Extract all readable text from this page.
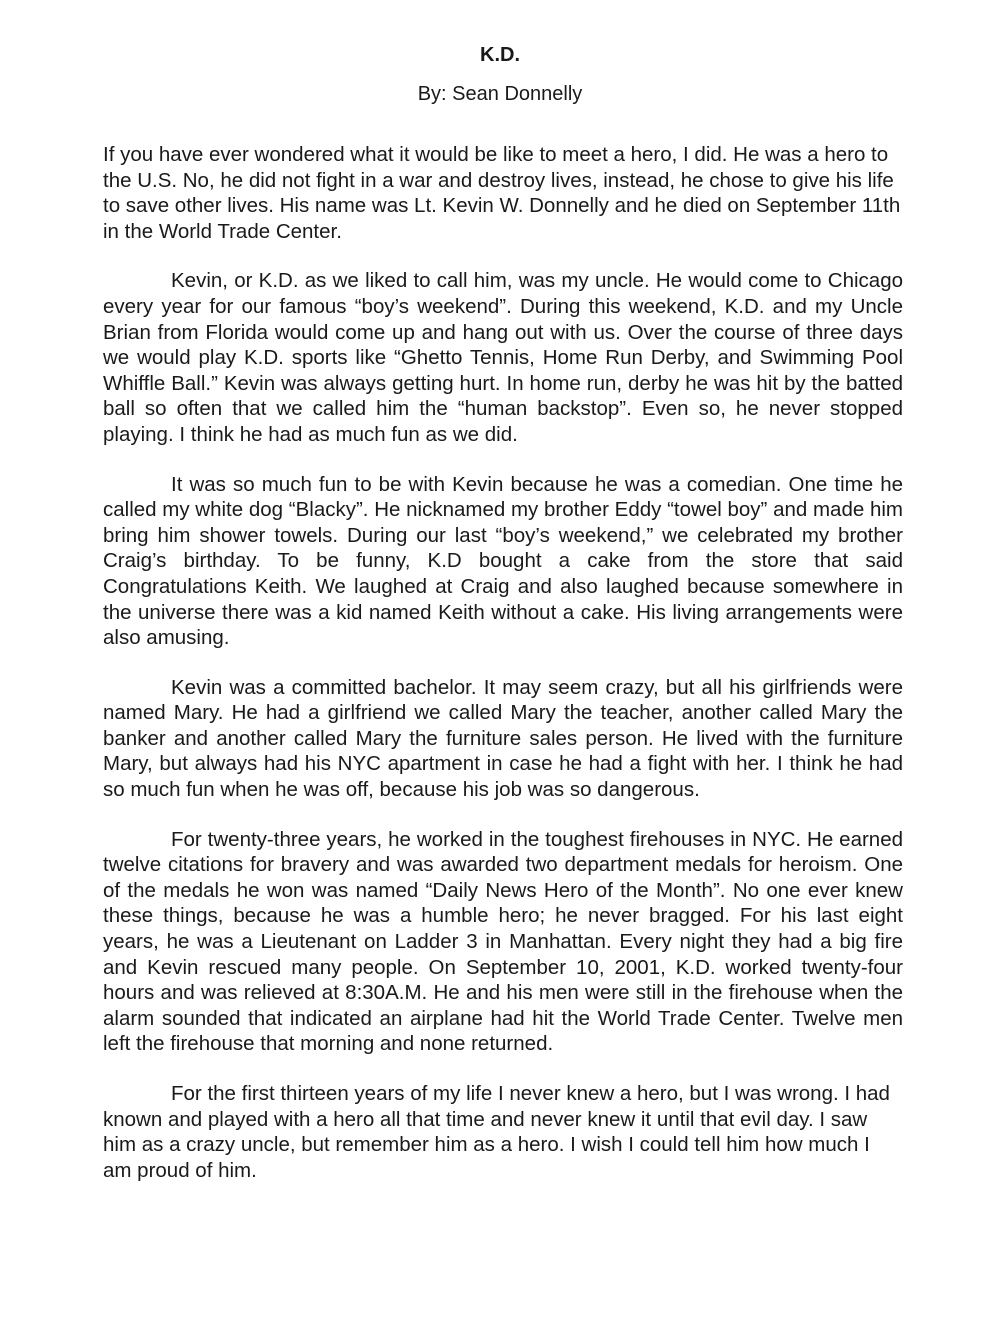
K.D.
By: Sean Donnelly

If you have ever wondered what it would be like to meet a hero, I did. He was a hero to the U.S. No, he did not fight in a war and destroy lives, instead, he chose to give his life to save other lives. His name was Lt. Kevin W. Donnelly and he died on September 11th in the World Trade Center.

Kevin, or K.D. as we liked to call him, was my uncle. He would come to Chicago every year for our famous “boy’s weekend”. During this weekend, K.D. and my Uncle Brian from Florida would come up and hang out with us. Over the course of three days we would play K.D. sports like “Ghetto Tennis, Home Run Derby, and Swimming Pool Whiffle Ball.” Kevin was always getting hurt. In home run, derby he was hit by the batted ball so often that we called him the “human backstop”. Even so, he never stopped playing. I think he had as much fun as we did.

It was so much fun to be with Kevin because he was a comedian. One time he called my white dog “Blacky”. He nicknamed my brother Eddy “towel boy” and made him bring him shower towels. During our last “boy’s weekend,” we celebrated my brother Craig’s birthday. To be funny, K.D bought a cake from the store that said Congratulations Keith. We laughed at Craig and also laughed because somewhere in the universe there was a kid named Keith without a cake. His living arrangements were also amusing.

Kevin was a committed bachelor. It may seem crazy, but all his girlfriends were named Mary. He had a girlfriend we called Mary the teacher, another called Mary the banker and another called Mary the furniture sales person. He lived with the furniture Mary, but always had his NYC apartment in case he had a fight with her. I think he had so much fun when he was off, because his job was so dangerous.

For twenty-three years, he worked in the toughest firehouses in NYC. He earned twelve citations for bravery and was awarded two department medals for heroism. One of the medals he won was named “Daily News Hero of the Month”. No one ever knew these things, because he was a humble hero; he never bragged. For his last eight years, he was a Lieutenant on Ladder 3 in Manhattan. Every night they had a big fire and Kevin rescued many people. On September 10, 2001, K.D. worked twenty-four hours and was relieved at 8:30A.M. He and his men were still in the firehouse when the alarm sounded that indicated an airplane had hit the World Trade Center. Twelve men left the firehouse that morning and none returned.

For the first thirteen years of my life I never knew a hero, but I was wrong. I had known and played with a hero all that time and never knew it until that evil day. I saw him as a crazy uncle, but remember him as a hero. I wish I could tell him how much I am proud of him.
